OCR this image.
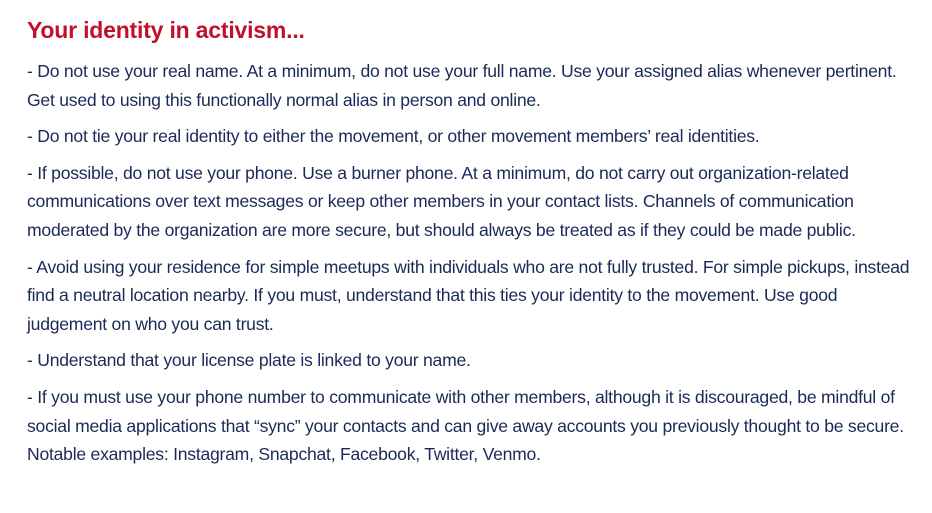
Your identity in activism...

- Do not use your real name. At a minimum, do not use your full name. Use your assigned alias whenever pertinent. Get used to using this functionally normal alias in person and online.

- Do not tie your real identity to either the movement, or other movement members’ real identities.

- If possible, do not use your phone. Use a burner phone. At a minimum, do not carry out organization-related communications over text messages or keep other members in your contact lists. Channels of communication moderated by the organization are more secure, but should always be treated as if they could be made public.

- Avoid using your residence for simple meetups with individuals who are not fully trusted. For simple pickups, instead find a neutral location nearby. If you must, understand that this ties your identity to the movement. Use good judgement on who you can trust.

- Understand that your license plate is linked to your name.

- If you must use your phone number to communicate with other members, although it is discouraged, be mindful of social media applications that “sync” your contacts and can give away accounts you previously thought to be secure. Notable examples: Instagram, Snapchat, Facebook, Twitter, Venmo.
